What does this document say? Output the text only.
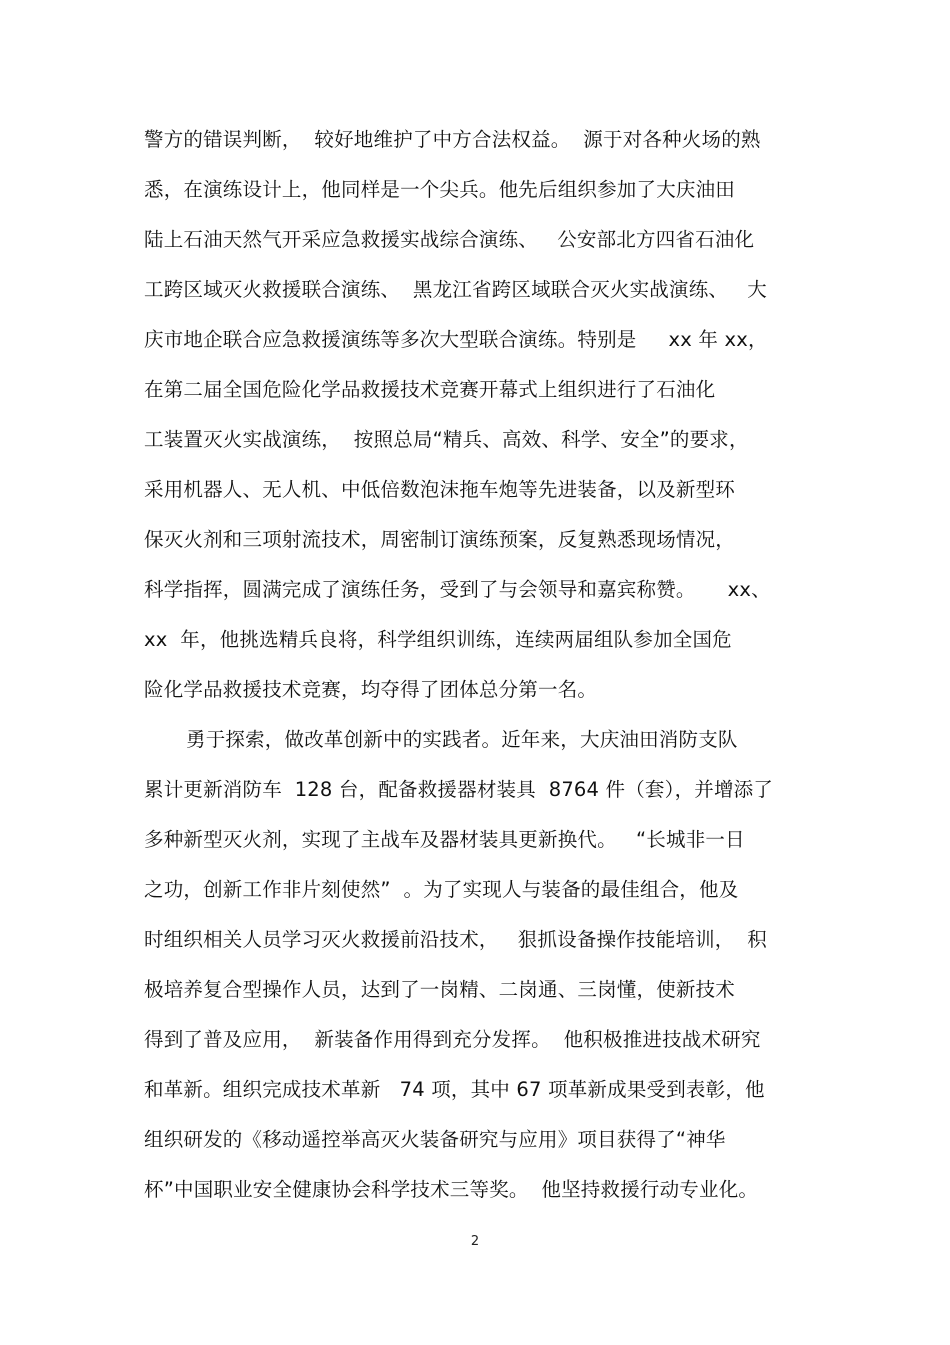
警方的错误判断，  较好地维护了中方合法权益。  源于对各种火场的熟
悉，在演练设计上，他同样是一个尖兵。他先后组织参加了大庆油田
陆上石油天然气开采应急救援实战综合演练、   公安部北方四省石油化
工跨区域灭火救援联合演练、  黑龙江省跨区域联合灭火实战演练、   大
庆市地企联合应急救援演练等多次大型联合演练。特别是     xx 年 xx，
在第二届全国危险化学品救援技术竞赛开幕式上组织进行了石油化
工装置灭火实战演练，  按照总局“精兵、高效、科学、安全”的要求，
采用机器人、无人机、中低倍数泡沫拖车炮等先进装备，以及新型环
保灭火剂和三项射流技术，周密制订演练预案，反复熟悉现场情况，
科学指挥，圆满完成了演练任务，受到了与会领导和嘉宾称赞。     xx、
xx  年，他挑选精兵良将，科学组织训练，连续两届组队参加全国危
险化学品救援技术竞赛，均夺得了团体总分第一名。
勇于探索，做改革创新中的实践者。近年来，大庆油田消防支队
累计更新消防车  128 台，配备救援器材装具  8764 件（套），并增添了
多种新型灭火剂，实现了主战车及器材装具更新换代。   “长城非一日
之功，创新工作非片刻使然”  。为了实现人与装备的最佳组合，他及
时组织相关人员学习灭火救援前沿技术，   狠抓设备操作技能培训，  积
极培养复合型操作人员，达到了一岗精、二岗通、三岗懂，使新技术
得到了普及应用，  新装备作用得到充分发挥。  他积极推进技战术研究
和革新。组织完成技术革新   74 项，其中 67 项革新成果受到表彰，他
组织研发的《移动遥控举高灭火装备研究与应用》项目获得了“神华
杯”中国职业安全健康协会科学技术三等奖。  他坚持救援行动专业化。
2
